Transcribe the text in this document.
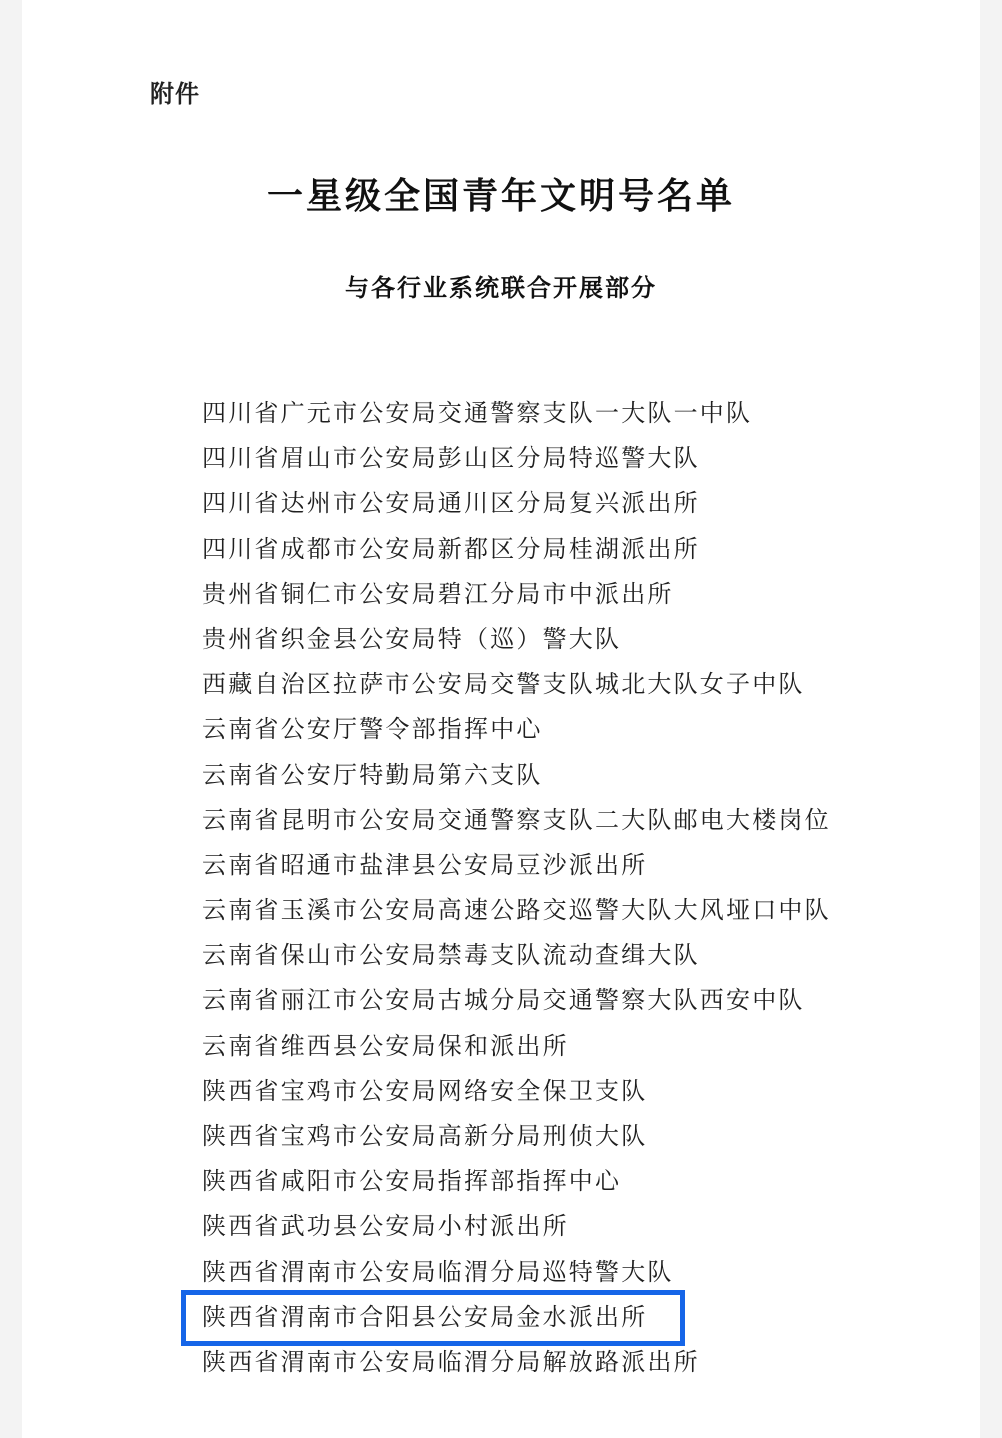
附件
一星级全国青年文明号名单
与各行业系统联合开展部分
四川省广元市公安局交通警察支队一大队一中队
四川省眉山市公安局彭山区分局特巡警大队
四川省达州市公安局通川区分局复兴派出所
四川省成都市公安局新都区分局桂湖派出所
贵州省铜仁市公安局碧江分局市中派出所
贵州省织金县公安局特（巡）警大队
西藏自治区拉萨市公安局交警支队城北大队女子中队
云南省公安厅警令部指挥中心
云南省公安厅特勤局第六支队
云南省昆明市公安局交通警察支队二大队邮电大楼岗位
云南省昭通市盐津县公安局豆沙派出所
云南省玉溪市公安局高速公路交巡警大队大风垭口中队
云南省保山市公安局禁毒支队流动查缉大队
云南省丽江市公安局古城分局交通警察大队西安中队
云南省维西县公安局保和派出所
陕西省宝鸡市公安局网络安全保卫支队
陕西省宝鸡市公安局高新分局刑侦大队
陕西省咸阳市公安局指挥部指挥中心
陕西省武功县公安局小村派出所
陕西省渭南市公安局临渭分局巡特警大队
陕西省渭南市合阳县公安局金水派出所
陕西省渭南市公安局临渭分局解放路派出所
